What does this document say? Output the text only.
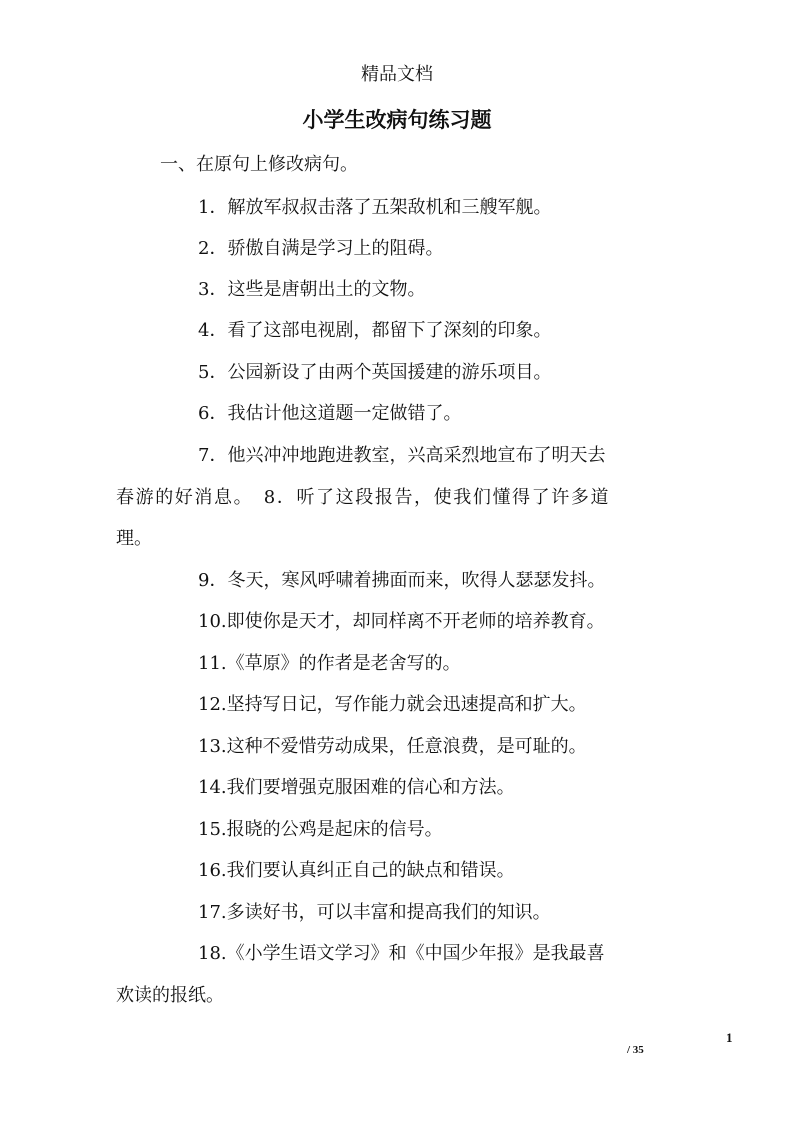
精品文档
小学生改病句练习题
一、在原句上修改病句。
1．解放军叔叔击落了五架敌机和三艘军舰。
2．骄傲自满是学习上的阻碍。
3．这些是唐朝出土的文物。
4．看了这部电视剧，都留下了深刻的印象。
5．公园新设了由两个英国援建的游乐项目。
6．我估计他这道题一定做错了。
7．他兴冲冲地跑进教室，兴高采烈地宣布了明天去
春游的好消息。　8．听了这段报告，使我们懂得了许多道
理。
9．冬天，寒风呼啸着拂面而来，吹得人瑟瑟发抖。
10.即使你是天才，却同样离不开老师的培养教育。
11.《草原》的作者是老舍写的。
12.坚持写日记，写作能力就会迅速提高和扩大。
13.这种不爱惜劳动成果，任意浪费，是可耻的。
14.我们要增强克服困难的信心和方法。
15.报晓的公鸡是起床的信号。
16.我们要认真纠正自己的缺点和错误。
17.多读好书，可以丰富和提高我们的知识。
18.《小学生语文学习》和《中国少年报》是我最喜
欢读的报纸。
1
/ 35
